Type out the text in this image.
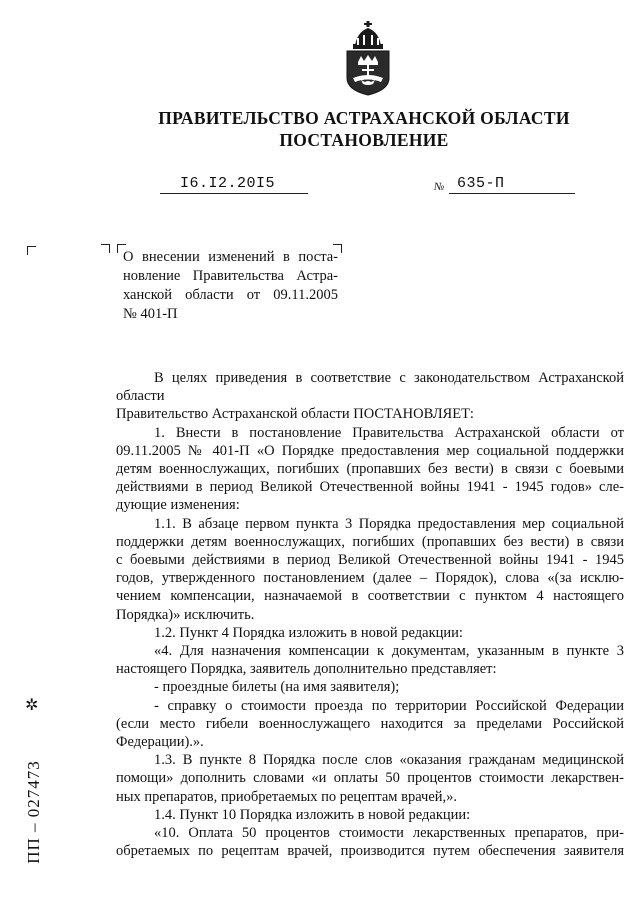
ПРАВИТЕЛЬСТВО АСТРАХАНСКОЙ ОБЛАСТИ
ПОСТАНОВЛЕНИЕ
I6.I2.20I5	№ 635-П
О внесении изменений в поста-
новление Правительства Астра-
ханской области от 09.11.2005
№ 401-П
В целях приведения в соответствие с законодательством Астраханской
области
Правительство Астраханской области ПОСТАНОВЛЯЕТ:
1. Внести в постановление Правительства Астраханской области от
09.11.2005 № 401-П «О Порядке предоставления мер социальной поддержки
детям военнослужащих, погибших (пропавших без вести) в связи с боевыми
действиями в период Великой Отечественной войны 1941 - 1945 годов» сле-
дующие изменения:
1.1. В абзаце первом пункта 3 Порядка предоставления мер социальной
поддержки детям военнослужащих, погибших (пропавших без вести) в связи
с боевыми действиями в период Великой Отечественной войны 1941 - 1945
годов, утвержденного постановлением (далее – Порядок), слова «(за исклю-
чением компенсации, назначаемой в соответствии с пунктом 4 настоящего
Порядка)» исключить.
1.2. Пункт 4 Порядка изложить в новой редакции:
«4. Для назначения компенсации к документам, указанным в пункте 3
настоящего Порядка, заявитель дополнительно представляет:
- проездные билеты (на имя заявителя);
- справку о стоимости проезда по территории Российской Федерации
(если место гибели военнослужащего находится за пределами Российской
Федерации).».
1.3. В пункте 8 Порядка после слов «оказания гражданам медицинской
помощи» дополнить словами «и оплаты 50 процентов стоимости лекарствен-
ных препаратов, приобретаемых по рецептам врачей,».
1.4. Пункт 10 Порядка изложить в новой редакции:
«10. Оплата 50 процентов стоимости лекарственных препаратов, при-
обретаемых по рецептам врачей, производится путем обеспечения заявителя
✲
ПП – 027473
